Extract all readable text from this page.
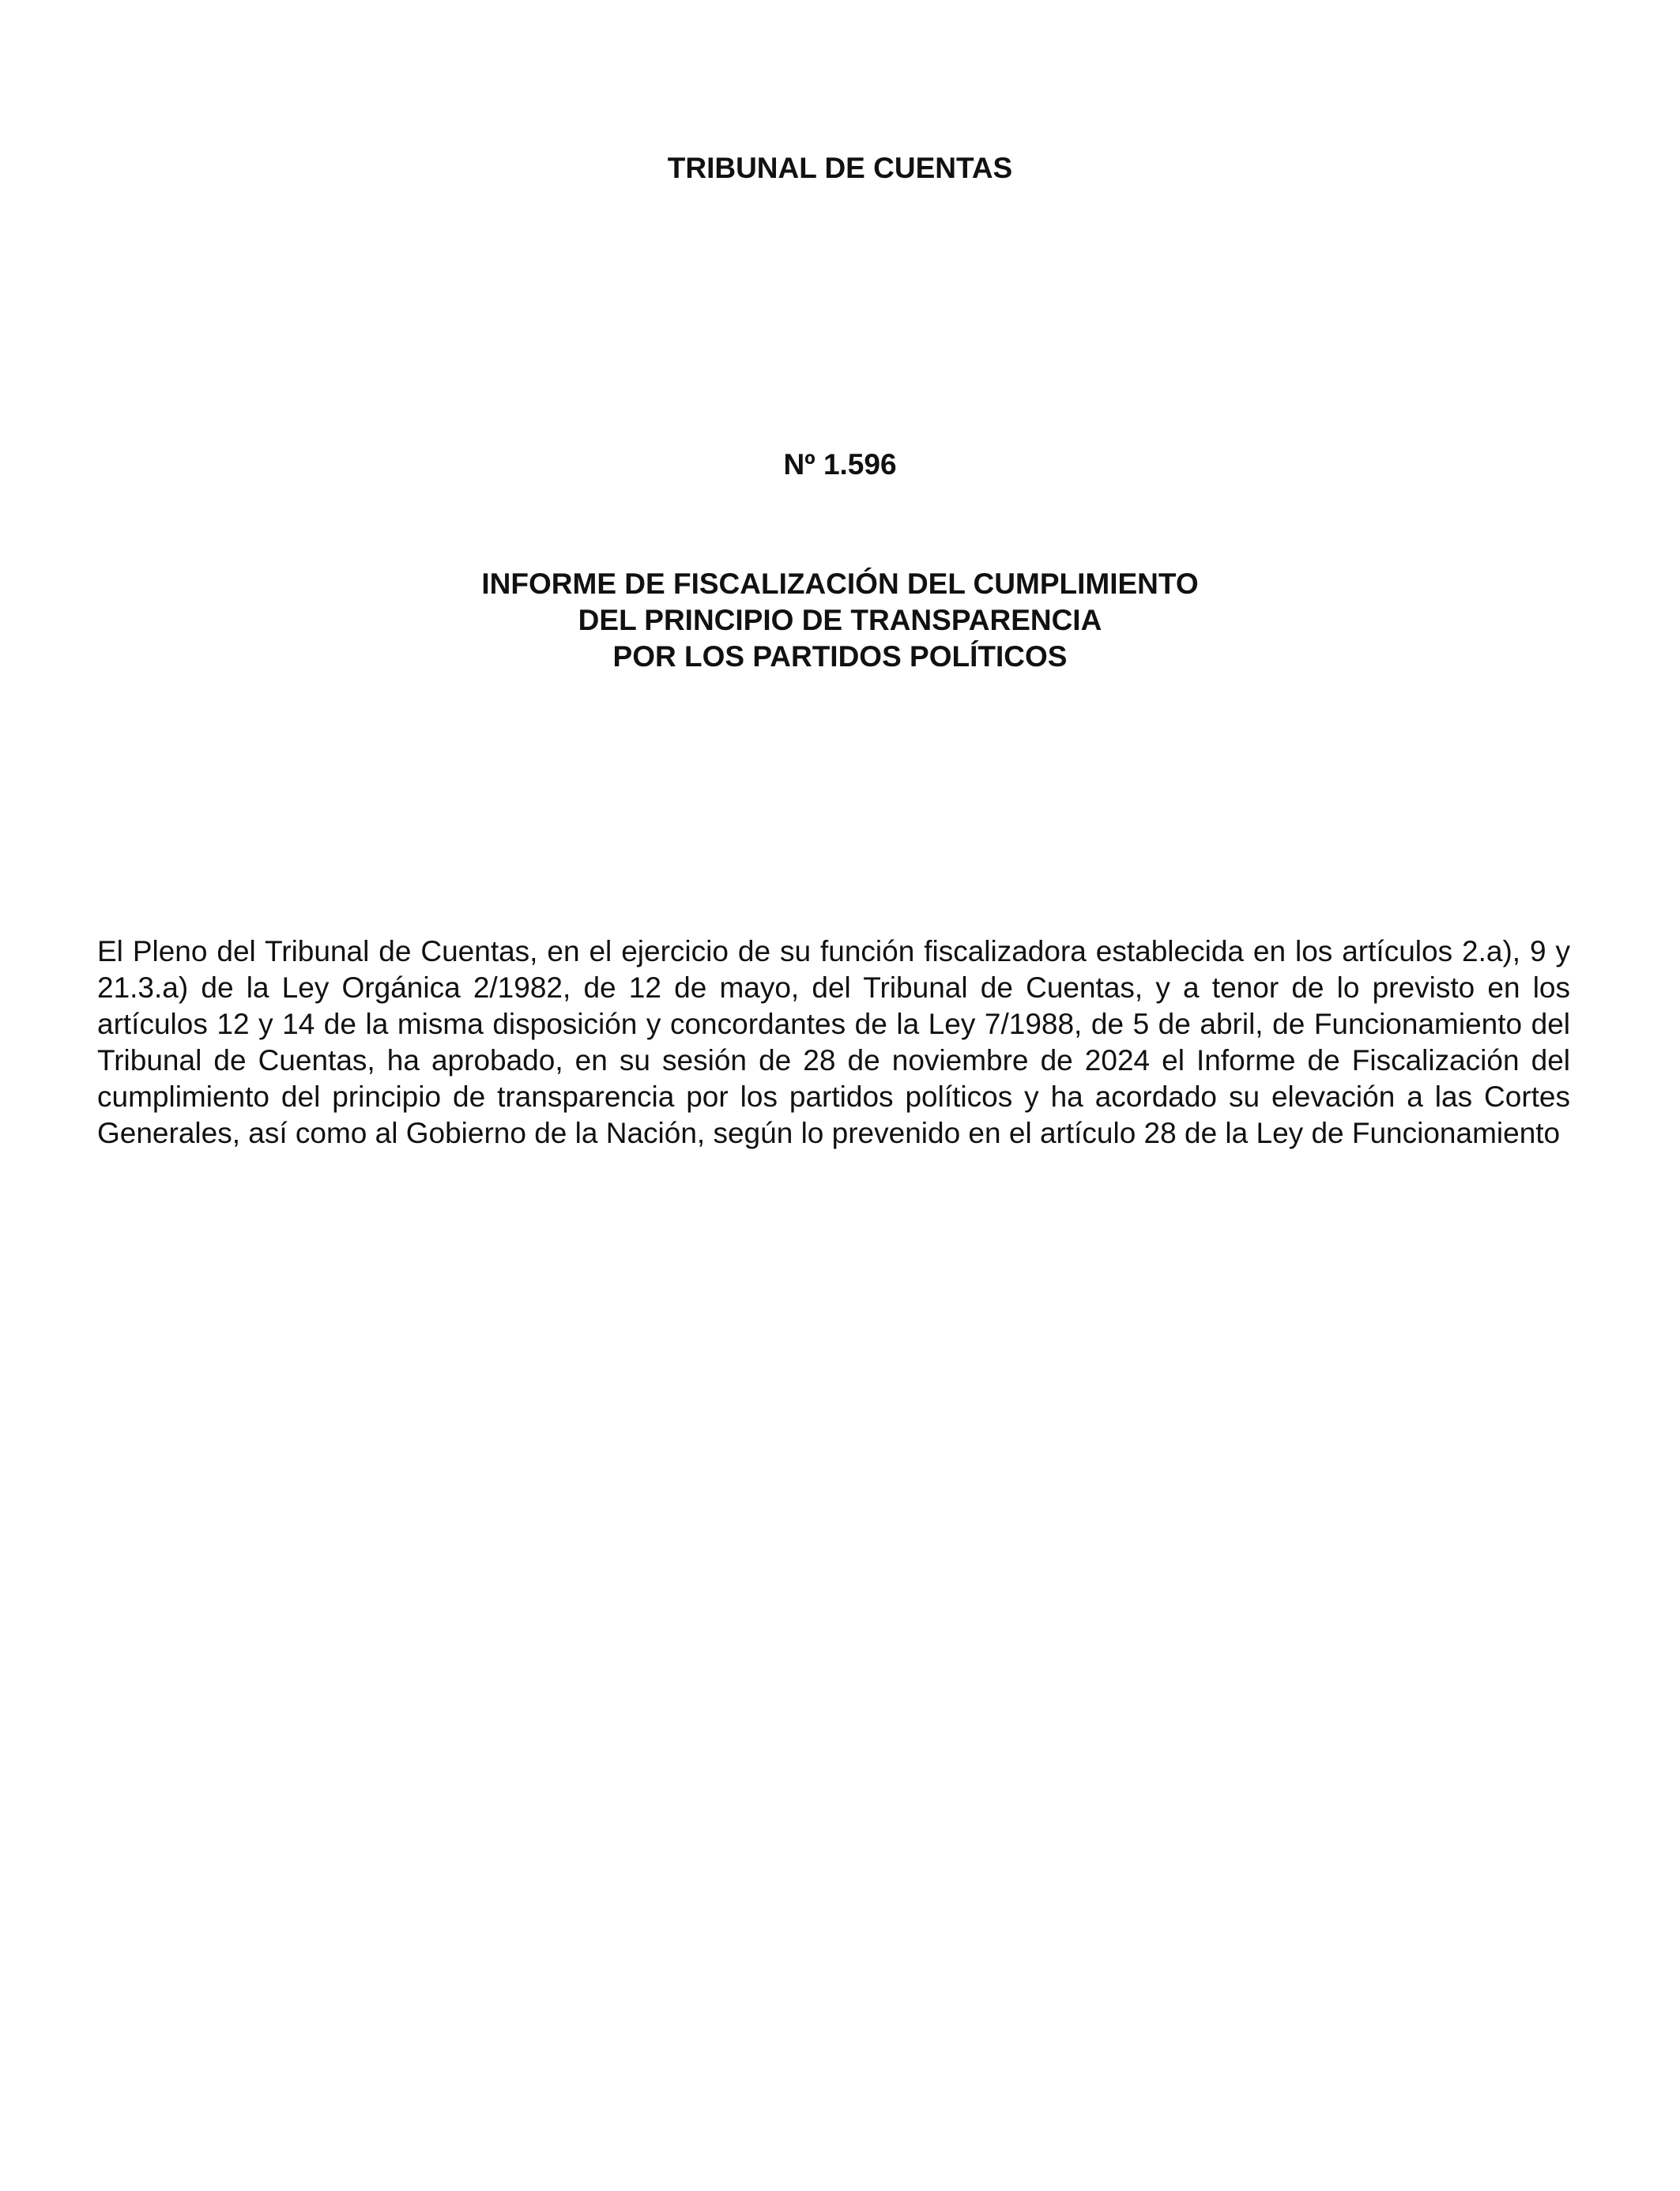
TRIBUNAL DE CUENTAS
Nº 1.596
INFORME DE FISCALIZACIÓN DEL CUMPLIMIENTO
DEL PRINCIPIO DE TRANSPARENCIA
POR LOS PARTIDOS POLÍTICOS

El Pleno del Tribunal de Cuentas, en el ejercicio de su función fiscalizadora establecida en los artículos 2.a), 9 y 21.3.a) de la Ley Orgánica 2/1982, de 12 de mayo, del Tribunal de Cuentas, y a tenor de lo previsto en los artículos 12 y 14 de la misma disposición y concordantes de la Ley 7/1988, de 5 de abril, de Funcionamiento del Tribunal de Cuentas, ha aprobado, en su sesión de 28 de noviembre de 2024 el Informe de Fiscalización del cumplimiento del principio de transparencia por los partidos políticos y ha acordado su elevación a las Cortes Generales, así como al Gobierno de la Nación, según lo prevenido en el artículo 28 de la Ley de Funcionamiento
